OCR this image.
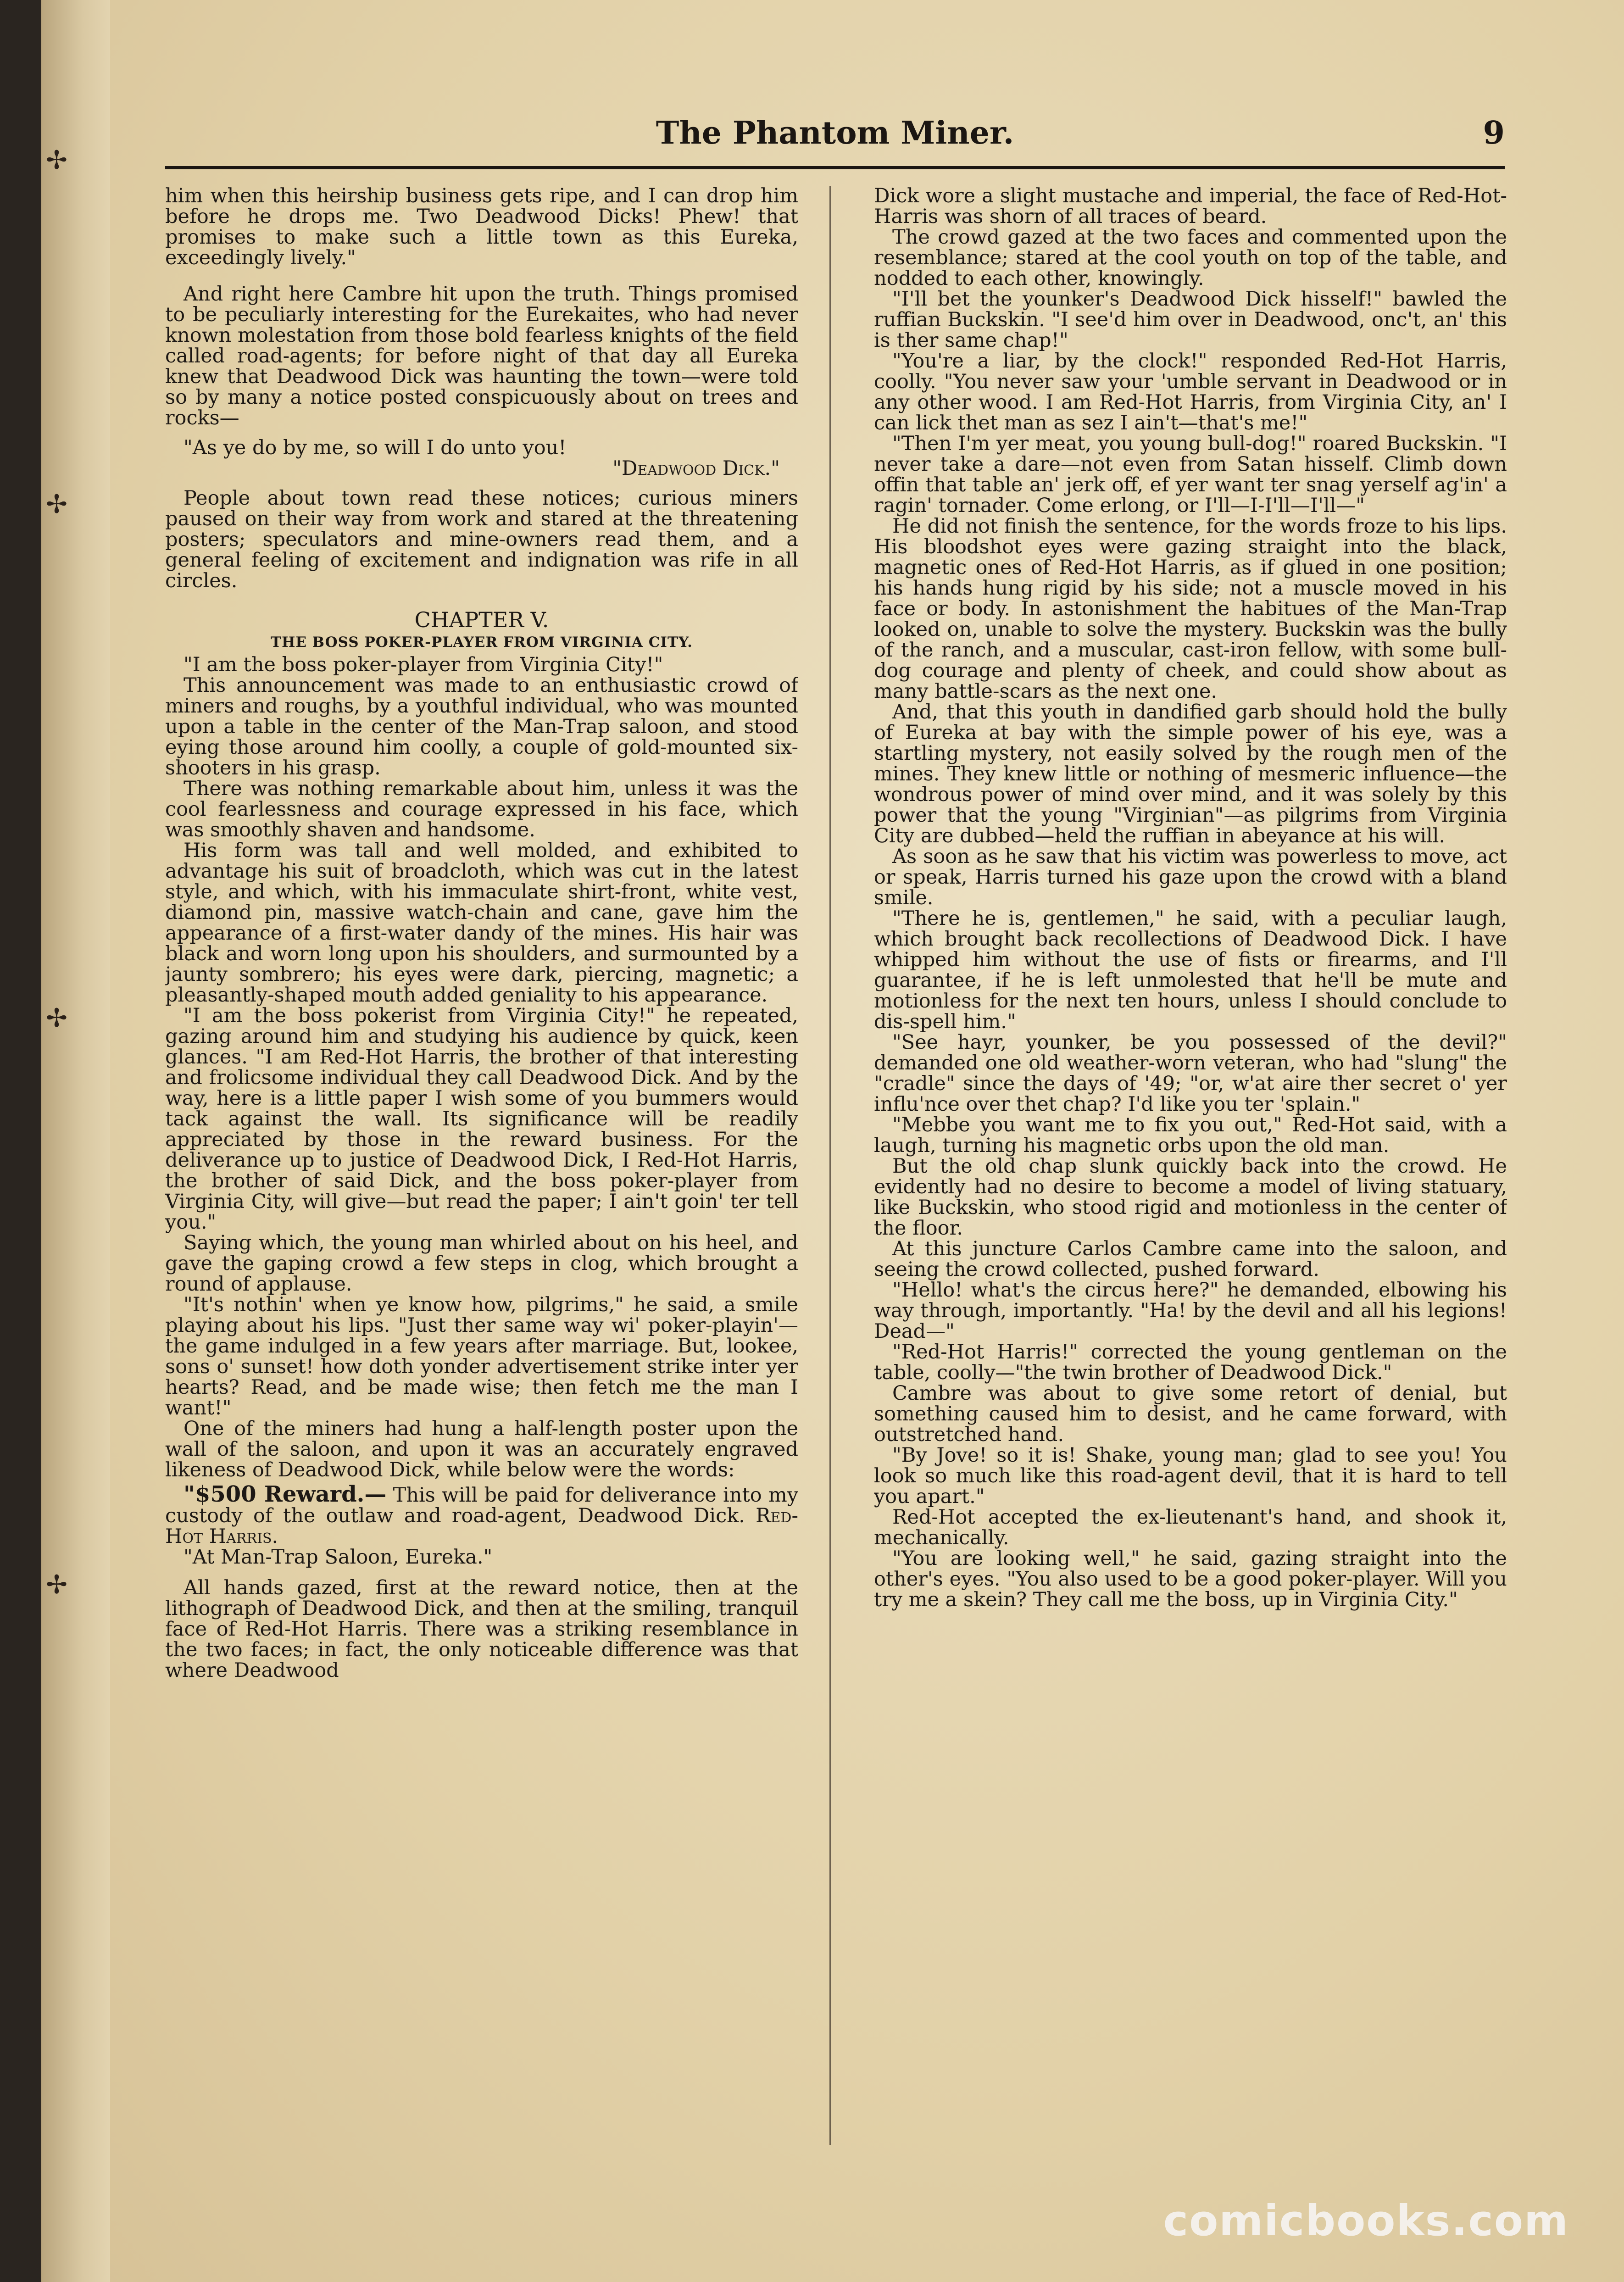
✢
✢
✢
✢
The Phantom Miner.	9

him when this heirship business gets ripe, and I can drop him before he drops me. Two Deadwood Dicks! Phew! that promises to make such a little town as this Eureka, exceedingly lively."

And right here Cambre hit upon the truth. Things promised to be peculiarly interesting for the Eurekaites, who had never known molestation from those bold fearless knights of the field called road-agents; for before night of that day all Eureka knew that Deadwood Dick was haunting the town—were told so by many a notice posted conspicuously about on trees and rocks—

"As ye do by me, so will I do unto you!

"Deadwood Dick."

People about town read these notices; curious miners paused on their way from work and stared at the threatening posters; speculators and mine-owners read them, and a general feeling of excitement and indignation was rife in all circles.

CHAPTER V.
THE BOSS POKER-PLAYER FROM VIRGINIA CITY.

"I am the boss poker-player from Virginia City!"

This announcement was made to an enthusiastic crowd of miners and roughs, by a youthful individual, who was mounted upon a table in the center of the Man-Trap saloon, and stood eying those around him coolly, a couple of gold-mounted six-shooters in his grasp.

There was nothing remarkable about him, unless it was the cool fearlessness and courage expressed in his face, which was smoothly shaven and handsome.

His form was tall and well molded, and exhibited to advantage his suit of broadcloth, which was cut in the latest style, and which, with his immaculate shirt-front, white vest, diamond pin, massive watch-chain and cane, gave him the appearance of a first-water dandy of the mines. His hair was black and worn long upon his shoulders, and surmounted by a jaunty sombrero; his eyes were dark, piercing, magnetic; a pleasantly-shaped mouth added geniality to his appearance.

"I am the boss pokerist from Virginia City!" he repeated, gazing around him and studying his audience by quick, keen glances. "I am Red-Hot Harris, the brother of that interesting and frolicsome individual they call Deadwood Dick. And by the way, here is a little paper I wish some of you bummers would tack against the wall. Its significance will be readily appreciated by those in the reward business. For the deliverance up to justice of Deadwood Dick, I Red-Hot Harris, the brother of said Dick, and the boss poker-player from Virginia City, will give—but read the paper; I ain't goin' ter tell you."

Saying which, the young man whirled about on his heel, and gave the gaping crowd a few steps in clog, which brought a round of applause.

"It's nothin' when ye know how, pilgrims," he said, a smile playing about his lips. "Just ther same way wi' poker-playin'—the game indulged in a few years after marriage. But, lookee, sons o' sunset! how doth yonder advertisement strike inter yer hearts? Read, and be made wise; then fetch me the man I want!"

One of the miners had hung a half-length poster upon the wall of the saloon, and upon it was an accurately engraved likeness of Deadwood Dick, while below were the words:

"$500 Reward.— This will be paid for deliverance into my custody of the outlaw and road-agent, Deadwood Dick. Red-Hot Harris.

"At Man-Trap Saloon, Eureka."

All hands gazed, first at the reward notice, then at the lithograph of Deadwood Dick, and then at the smiling, tranquil face of Red-Hot Harris. There was a striking resemblance in the two faces; in fact, the only noticeable difference was that where Deadwood

Dick wore a slight mustache and imperial, the face of Red-Hot-Harris was shorn of all traces of beard.

The crowd gazed at the two faces and commented upon the resemblance; stared at the cool youth on top of the table, and nodded to each other, knowingly.

"I'll bet the younker's Deadwood Dick hisself!" bawled the ruffian Buckskin. "I see'd him over in Deadwood, onc't, an' this is ther same chap!"

"You're a liar, by the clock!" responded Red-Hot Harris, coolly. "You never saw your 'umble servant in Deadwood or in any other wood. I am Red-Hot Harris, from Virginia City, an' I can lick thet man as sez I ain't—that's me!"

"Then I'm yer meat, you young bull-dog!" roared Buckskin. "I never take a dare—not even from Satan hisself. Climb down offin that table an' jerk off, ef yer want ter snag yerself ag'in' a ragin' tornader. Come erlong, or I'll—I-I'll—I'll—"

He did not finish the sentence, for the words froze to his lips. His bloodshot eyes were gazing straight into the black, magnetic ones of Red-Hot Harris, as if glued in one position; his hands hung rigid by his side; not a muscle moved in his face or body. In astonishment the habitues of the Man-Trap looked on, unable to solve the mystery. Buckskin was the bully of the ranch, and a muscular, cast-iron fellow, with some bull-dog courage and plenty of cheek, and could show about as many battle-scars as the next one.

And, that this youth in dandified garb should hold the bully of Eureka at bay with the simple power of his eye, was a startling mystery, not easily solved by the rough men of the mines. They knew little or nothing of mesmeric influence—the wondrous power of mind over mind, and it was solely by this power that the young "Virginian"—as pilgrims from Virginia City are dubbed—held the ruffian in abeyance at his will.

As soon as he saw that his victim was powerless to move, act or speak, Harris turned his gaze upon the crowd with a bland smile.

"There he is, gentlemen," he said, with a peculiar laugh, which brought back recollections of Deadwood Dick. I have whipped him without the use of fists or firearms, and I'll guarantee, if he is left unmolested that he'll be mute and motionless for the next ten hours, unless I should conclude to dis-spell him."

"See hayr, younker, be you possessed of the devil?" demanded one old weather-worn veteran, who had "slung" the "cradle" since the days of '49; "or, w'at aire ther secret o' yer influ'nce over thet chap? I'd like you ter 'splain."

"Mebbe you want me to fix you out," Red-Hot said, with a laugh, turning his magnetic orbs upon the old man.

But the old chap slunk quickly back into the crowd. He evidently had no desire to become a model of living statuary, like Buckskin, who stood rigid and motionless in the center of the floor.

At this juncture Carlos Cambre came into the saloon, and seeing the crowd collected, pushed forward.

"Hello! what's the circus here?" he demanded, elbowing his way through, importantly. "Ha! by the devil and all his legions! Dead—"

"Red-Hot Harris!" corrected the young gentleman on the table, coolly—"the twin brother of Deadwood Dick."

Cambre was about to give some retort of denial, but something caused him to desist, and he came forward, with outstretched hand.

"By Jove! so it is! Shake, young man; glad to see you! You look so much like this road-agent devil, that it is hard to tell you apart."

Red-Hot accepted the ex-lieutenant's hand, and shook it, mechanically.

"You are looking well," he said, gazing straight into the other's eyes. "You also used to be a good poker-player. Will you try me a skein? They call me the boss, up in Virginia City."

comicbooks.com
